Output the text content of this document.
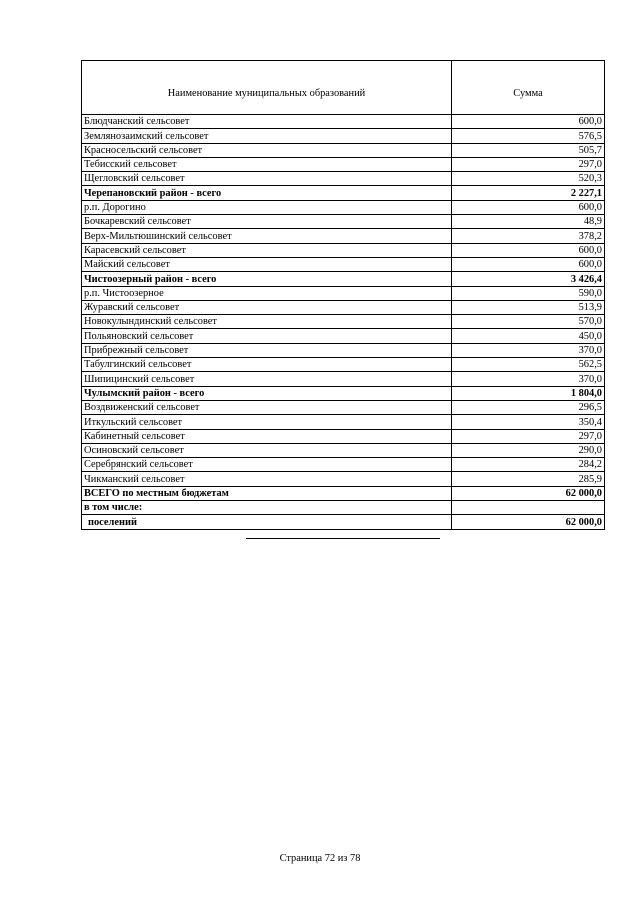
Наименование муниципальных образований	Сумма
Блюдчанский сельсовет	600,0
Землянозаимский сельсовет	576,5
Красносельский сельсовет	505,7
Тебисский сельсовет	297,0
Щегловский сельсовет	520,3
Черепановский район - всего	2 227,1
р.п. Дорогино	600,0
Бочкаревский сельсовет	48,9
Верх-Мильтюшинский сельсовет	378,2
Карасевский сельсовет	600,0
Майский сельсовет	600,0
Чистоозерный район - всего	3 426,4
р.п. Чистоозерное	590,0
Журавский сельсовет	513,9
Новокулындинский сельсовет	570,0
Польяновский сельсовет	450,0
Прибрежный сельсовет	370,0
Табулгинский сельсовет	562,5
Шипицинский сельсовет	370,0
Чулымский район - всего	1 804,0
Воздвиженский сельсовет	296,5
Иткульский сельсовет	350,4
Кабинетный сельсовет	297,0
Осиновский сельсовет	290,0
Серебрянский сельсовет	284,2
Чикманский сельсовет	285,9
ВСЕГО по местным бюджетам	62 000,0
в том числе:	
поселений	62 000,0
Страница 72 из 78
